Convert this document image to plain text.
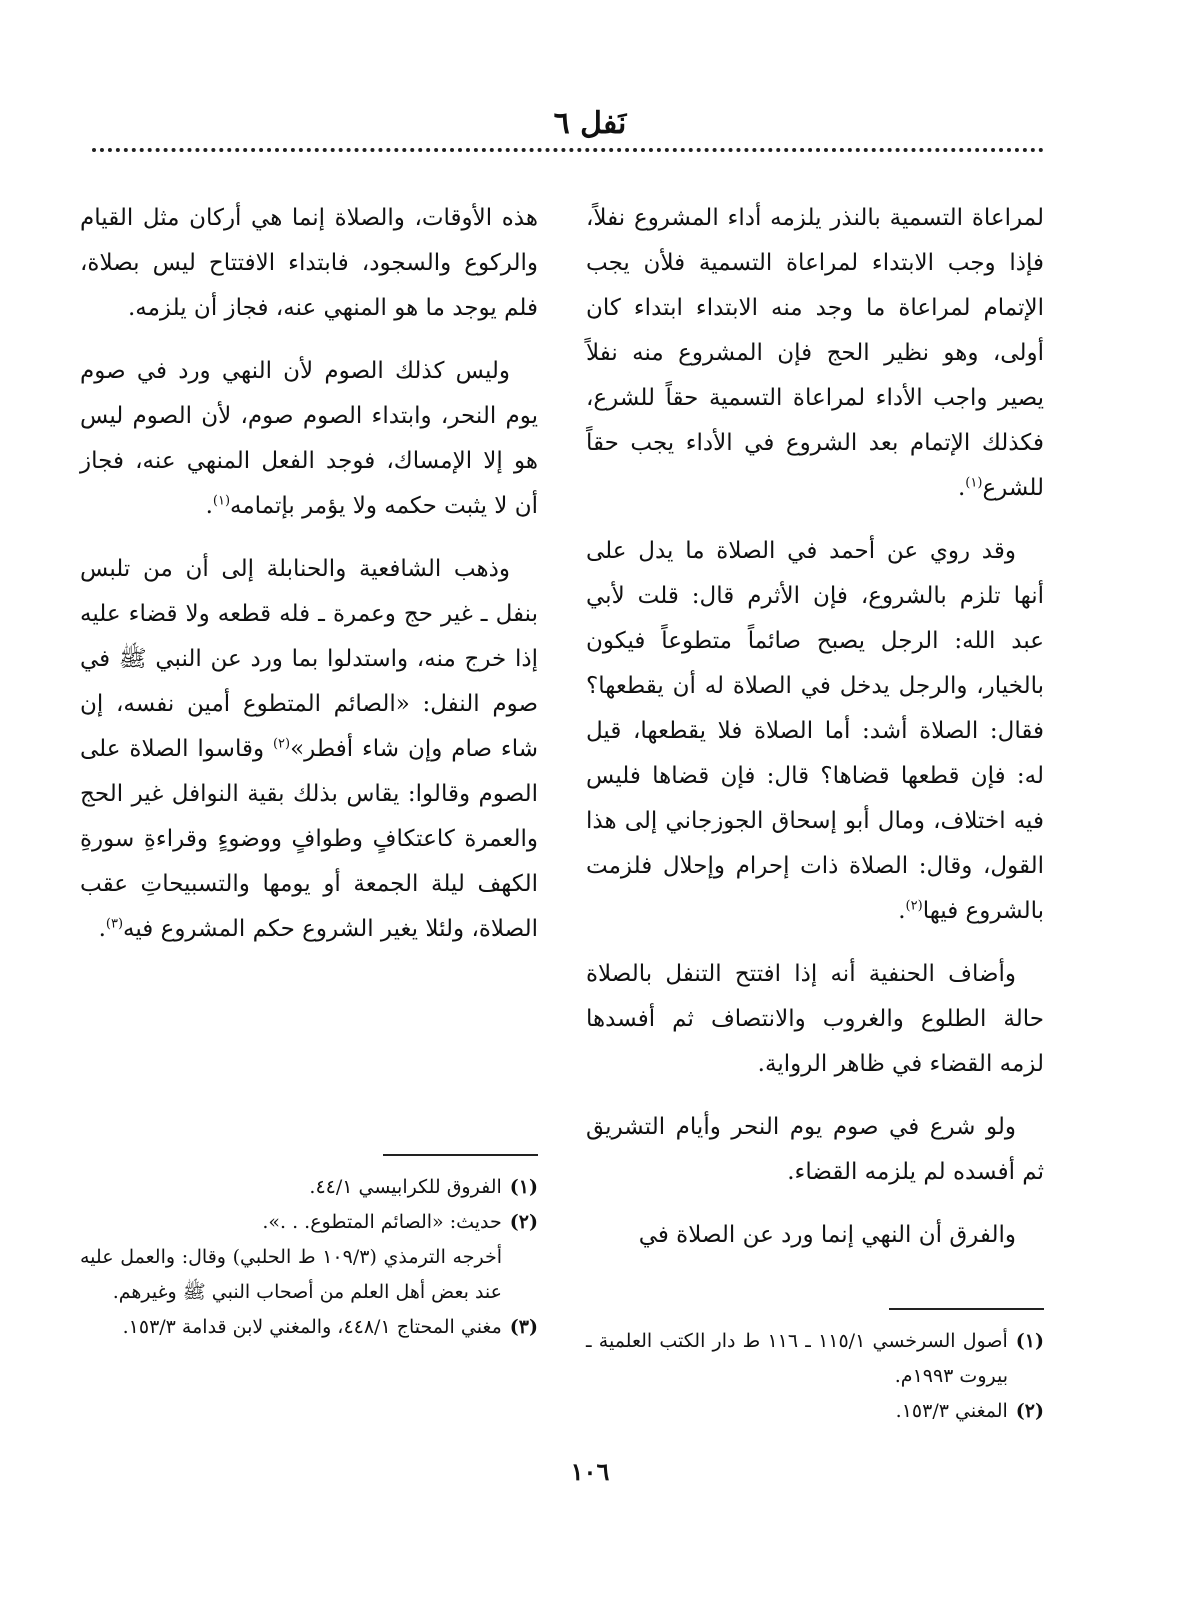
نَفل ٦

لمراعاة التسمية بالنذر يلزمه أداء المشروع نفلاً، فإذا وجب الابتداء لمراعاة التسمية فلأن يجب الإتمام لمراعاة ما وجد منه الابتداء ابتداء كان أولى، وهو نظير الحج فإن المشروع منه نفلاً يصير واجب الأداء لمراعاة التسمية حقاً للشرع، فكذلك الإتمام بعد الشروع في الأداء يجب حقاً للشرع$^{(١)}$.

وقد روي عن أحمد في الصلاة ما يدل على أنها تلزم بالشروع، فإن الأثرم قال: قلت لأبي عبد الله: الرجل يصبح صائماً متطوعاً فيكون بالخيار، والرجل يدخل في الصلاة له أن يقطعها؟ فقال: الصلاة أشد: أما الصلاة فلا يقطعها، قيل له: فإن قطعها قضاها؟ قال: فإن قضاها فليس فيه اختلاف، ومال أبو إسحاق الجوزجاني إلى هذا القول، وقال: الصلاة ذات إحرام وإحلال فلزمت بالشروع فيها$^{(٢)}$.

وأضاف الحنفية أنه إذا افتتح التنفل بالصلاة حالة الطلوع والغروب والانتصاف ثم أفسدها لزمه القضاء في ظاهر الرواية.

ولو شرع في صوم يوم النحر وأيام التشريق ثم أفسده لم يلزمه القضاء.

والفرق أن النهي إنما ورد عن الصلاة في

(١)أصول السرخسي ١١٥/١ ـ ١١٦ ط دار الكتب العلمية ـ بيروت ١٩٩٣م.

(٢)المغني ١٥٣/٣.

هذه الأوقات، والصلاة إنما هي أركان مثل القيام والركوع والسجود، فابتداء الافتتاح ليس بصلاة، فلم يوجد ما هو المنهي عنه، فجاز أن يلزمه.

وليس كذلك الصوم لأن النهي ورد في صوم يوم النحر، وابتداء الصوم صوم، لأن الصوم ليس هو إلا الإمساك، فوجد الفعل المنهي عنه، فجاز أن لا يثبت حكمه ولا يؤمر بإتمامه$^{(١)}$.

وذهب الشافعية والحنابلة إلى أن من تلبس بنفل ـ غير حج وعمرة ـ فله قطعه ولا قضاء عليه إذا خرج منه، واستدلوا بما ورد عن النبي ﷺ في صوم النفل: «الصائم المتطوع أمين نفسه، إن شاء صام وإن شاء أفطر»$^{(٢)}$ وقاسوا الصلاة على الصوم وقالوا: يقاس بذلك بقية النوافل غير الحج والعمرة كاعتكافٍ وطوافٍ ووضوءٍ وقراءةِ سورةِ الكهف ليلة الجمعة أو يومها والتسبيحاتِ عقب الصلاة، ولئلا يغير الشروع حكم المشروع فيه$^{(٣)}$.

(١)الفروق للكرابيسي ٤٤/١.

(٢)حديث: «الصائم المتطوع. . .».

أخرجه الترمذي (١٠٩/٣ ط الحلبي) وقال: والعمل عليه عند بعض أهل العلم من أصحاب النبي ﷺ وغيرهم.

(٣)مغني المحتاج ٤٤٨/١، والمغني لابن قدامة ١٥٣/٣.

١٠٦
